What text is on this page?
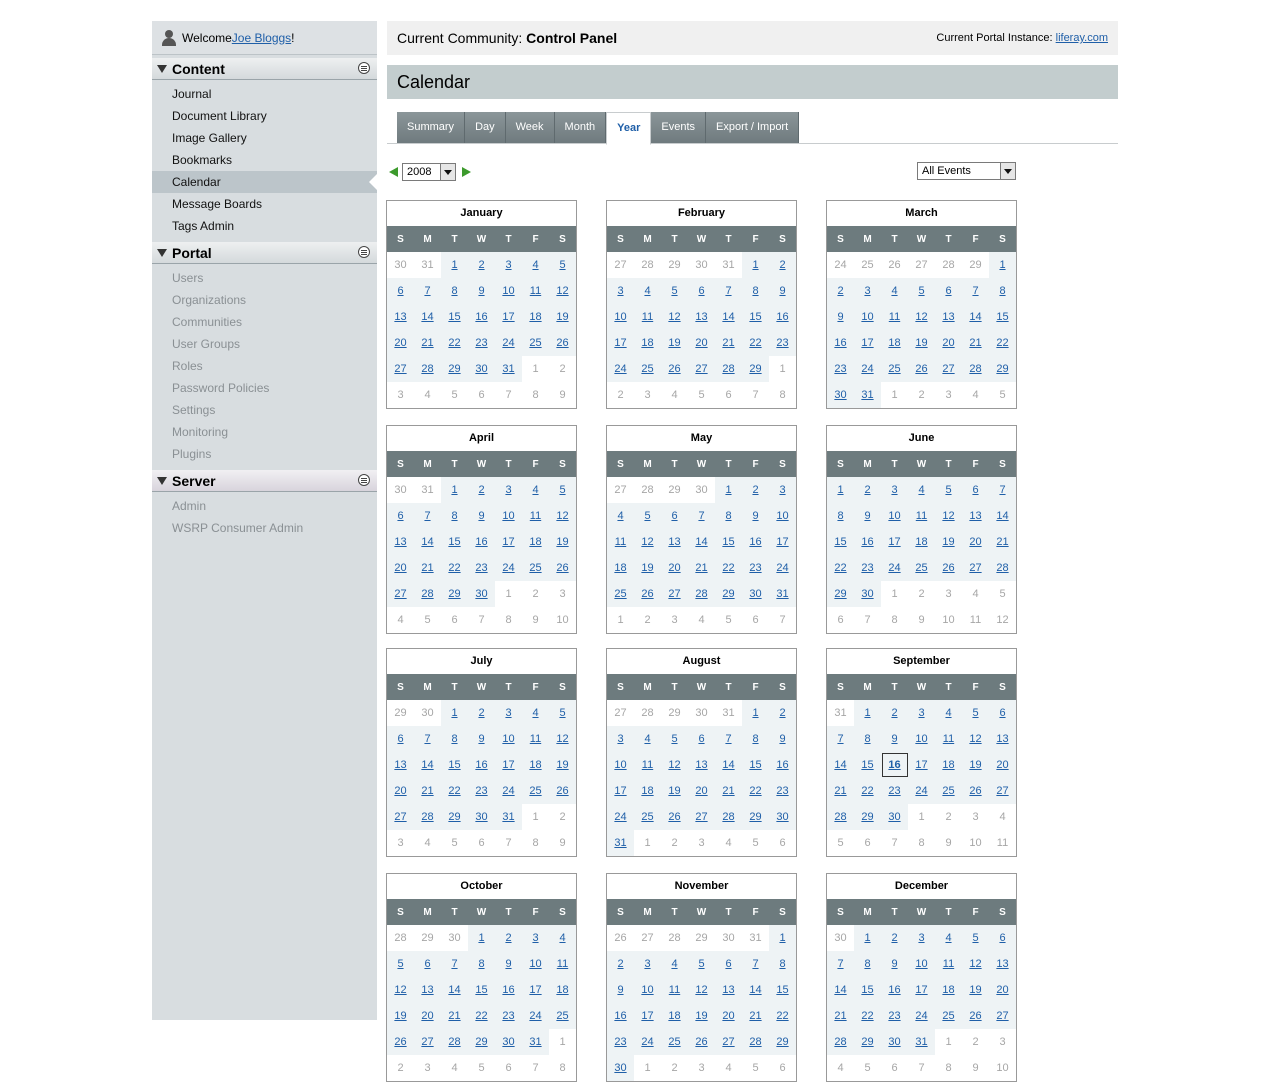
Welcome Joe Bloggs !
Content
Journal
Document Library
Image Gallery
Bookmarks
Calendar
Message Boards
Tags Admin
Portal
Users
Organizations
Communities
User Groups
Roles
Password Policies
Settings
Monitoring
Plugins
Server
Admin
WSRP Consumer Admin
Current Community: Control Panel	Current Portal Instance: liferay.com
Calendar
Summary	Day	Week	Month	Year	Events	Export / Import
2008	All Events
January
S	M	T	W	T	F	S
30	31	1	2	3	4	5
6	7	8	9	10	11	12
13	14	15	16	17	18	19
20	21	22	23	24	25	26
27	28	29	30	31	1	2
3	4	5	6	7	8	9
February
S	M	T	W	T	F	S
27	28	29	30	31	1	2
3	4	5	6	7	8	9
10	11	12	13	14	15	16
17	18	19	20	21	22	23
24	25	26	27	28	29	1
2	3	4	5	6	7	8
March
S	M	T	W	T	F	S
24	25	26	27	28	29	1
2	3	4	5	6	7	8
9	10	11	12	13	14	15
16	17	18	19	20	21	22
23	24	25	26	27	28	29
30	31	1	2	3	4	5
April
S	M	T	W	T	F	S
30	31	1	2	3	4	5
6	7	8	9	10	11	12
13	14	15	16	17	18	19
20	21	22	23	24	25	26
27	28	29	30	1	2	3
4	5	6	7	8	9	10
May
S	M	T	W	T	F	S
27	28	29	30	1	2	3
4	5	6	7	8	9	10
11	12	13	14	15	16	17
18	19	20	21	22	23	24
25	26	27	28	29	30	31
1	2	3	4	5	6	7
June
S	M	T	W	T	F	S
1	2	3	4	5	6	7
8	9	10	11	12	13	14
15	16	17	18	19	20	21
22	23	24	25	26	27	28
29	30	1	2	3	4	5
6	7	8	9	10	11	12
July
S	M	T	W	T	F	S
29	30	1	2	3	4	5
6	7	8	9	10	11	12
13	14	15	16	17	18	19
20	21	22	23	24	25	26
27	28	29	30	31	1	2
3	4	5	6	7	8	9
August
S	M	T	W	T	F	S
27	28	29	30	31	1	2
3	4	5	6	7	8	9
10	11	12	13	14	15	16
17	18	19	20	21	22	23
24	25	26	27	28	29	30
31	1	2	3	4	5	6
September
S	M	T	W	T	F	S
31	1	2	3	4	5	6
7	8	9	10	11	12	13
14	15	16	17	18	19	20
21	22	23	24	25	26	27
28	29	30	1	2	3	4
5	6	7	8	9	10	11
October
S	M	T	W	T	F	S
28	29	30	1	2	3	4
5	6	7	8	9	10	11
12	13	14	15	16	17	18
19	20	21	22	23	24	25
26	27	28	29	30	31	1
2	3	4	5	6	7	8
November
S	M	T	W	T	F	S
26	27	28	29	30	31	1
2	3	4	5	6	7	8
9	10	11	12	13	14	15
16	17	18	19	20	21	22
23	24	25	26	27	28	29
30	1	2	3	4	5	6
December
S	M	T	W	T	F	S
30	1	2	3	4	5	6
7	8	9	10	11	12	13
14	15	16	17	18	19	20
21	22	23	24	25	26	27
28	29	30	31	1	2	3
4	5	6	7	8	9	10
